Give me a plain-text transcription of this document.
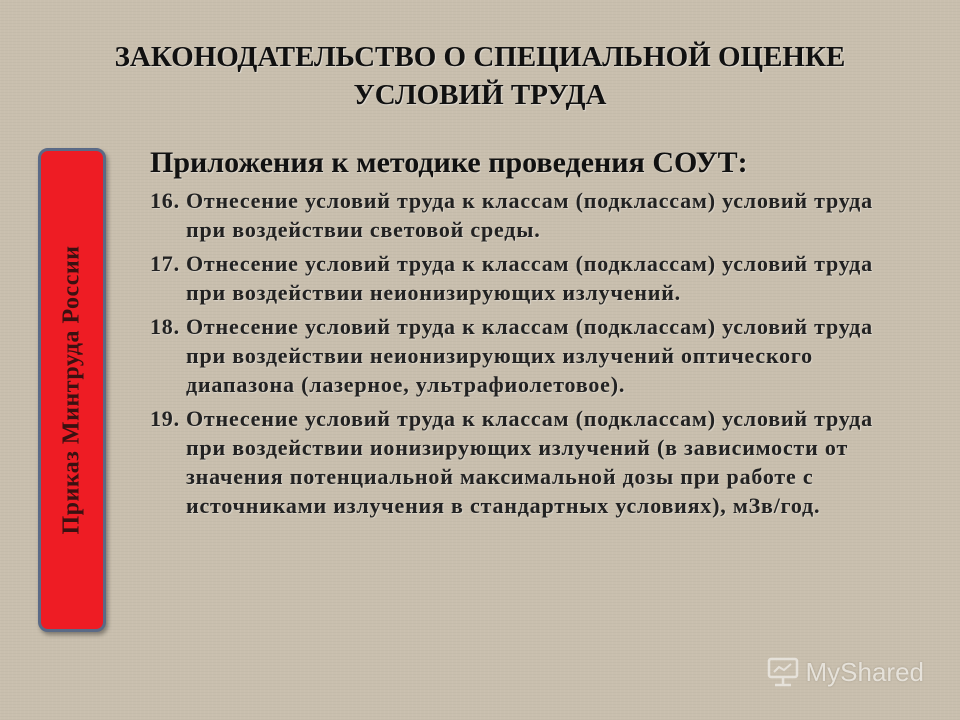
ЗАКОНОДАТЕЛЬСТВО О СПЕЦИАЛЬНОЙ ОЦЕНКЕ
УСЛОВИЙ ТРУДА
Приказ Минтруда России
Приложения к методике проведения СОУТ:
16. Отнесение условий труда к классам (подклассам) условий труда при воздействии световой среды.
17. Отнесение условий труда к классам (подклассам) условий труда при воздействии неионизирующих излучений.
18. Отнесение условий труда к классам (подклассам) условий труда при воздействии неионизирующих излучений оптического диапазона (лазерное, ультрафиолетовое).
19. Отнесение условий труда к классам (подклассам) условий труда при воздействии ионизирующих излучений (в зависимости от значения потенциальной максимальной дозы при работе с источниками излучения в стандартных условиях), мЗв/год.
MyShared
